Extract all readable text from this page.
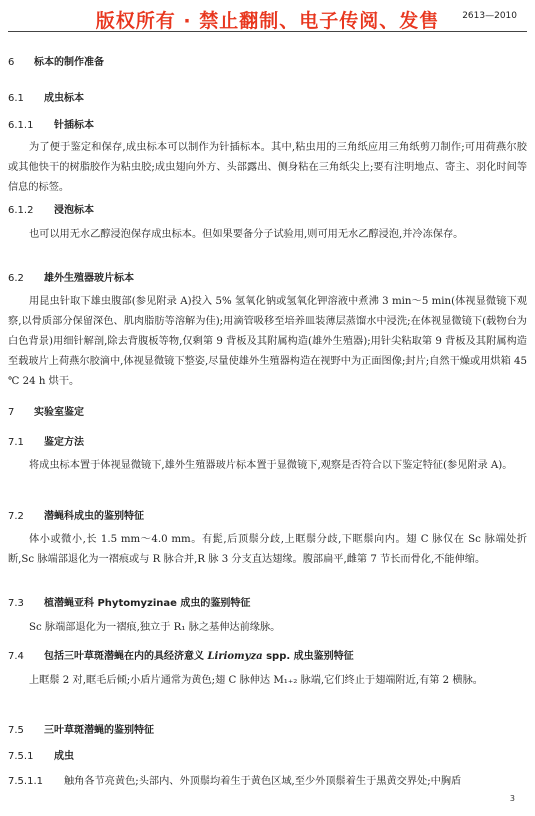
版权所有 · 禁止翻制、电子传阅、发售	2613—2010
6 标本的制作准备
6.1 成虫标本
6.1.1 针插标本

为了便于鉴定和保存,成虫标本可以制作为针插标本。其中,粘虫用的三角纸应用三角纸剪刀制作;可用荷燕尔胶或其他快干的树脂胶作为粘虫胶;成虫翅向外方、头部露出、侧身粘在三角纸尖上;要有注明地点、寄主、羽化时间等信息的标签。

6.1.2 浸泡标本

也可以用无水乙醇浸泡保存成虫标本。但如果要备分子试验用,则可用无水乙醇浸泡,并冷冻保存。

6.2 雄外生殖器玻片标本

用昆虫针取下雄虫腹部(参见附录 A)投入 5% 氢氧化钠或氢氧化钾溶液中煮沸 3 min～5 min(体视显微镜下观察,以骨质部分保留深色、肌肉脂肪等溶解为佳);用滴管吸移至培养皿装薄层蒸馏水中浸洗;在体视显微镜下(载物台为白色背景)用细针解剖,除去背腹板等物,仅剩第 9 背板及其附属构造(雄外生殖器);用针尖粘取第 9 背板及其附属构造至载玻片上荷燕尔胶滴中,体视显微镜下整姿,尽量使雄外生殖器构造在视野中为正面图像;封片;自然干燥或用烘箱 45 ℃ 24 h 烘干。

7 实验室鉴定
7.1 鉴定方法

将成虫标本置于体视显微镜下,雄外生殖器玻片标本置于显微镜下,观察是否符合以下鉴定特征(参见附录 A)。

7.2 潜蝇科成虫的鉴别特征

体小或微小,长 1.5 mm～4.0 mm。有髭,后顶鬃分歧,上眶鬃分歧,下眶鬃向内。翅 C 脉仅在 Sc 脉端处折断,Sc 脉端部退化为一褶痕或与 R 脉合并,R 脉 3 分支直达翅缘。腹部扁平,雌第 7 节长而骨化,不能伸缩。

7.3 植潜蝇亚科 Phytomyzinae 成虫的鉴别特征

Sc 脉端部退化为一褶痕,独立于 R₁ 脉之基伸达前缘脉。

7.4 包括三叶草斑潜蝇在内的具经济意义 Liriomyza spp. 成虫鉴别特征

上眶鬃 2 对,眶毛后倾;小盾片通常为黄色;翅 C 脉伸达 M₁₊₂ 脉端,它们终止于翅端附近,有第 2 横脉。

7.5 三叶草斑潜蝇的鉴别特征
7.5.1 成虫
7.5.1.1 触角各节亮黄色;头部内、外顶鬃均着生于黄色区域,至少外顶鬃着生于黑黄交界处;中胸盾
3
